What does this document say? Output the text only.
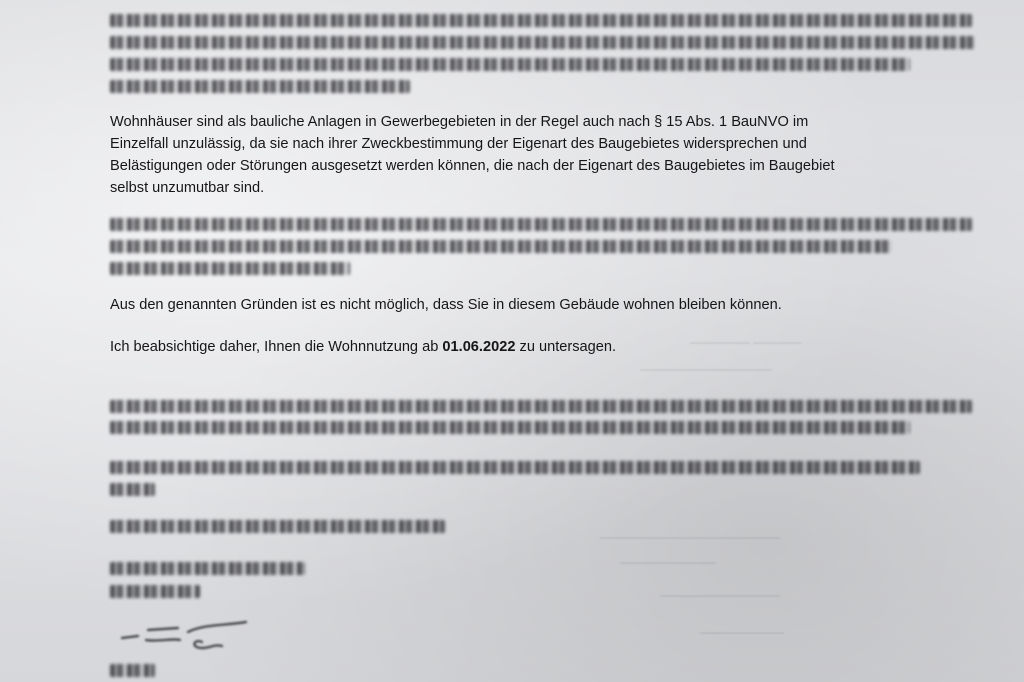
――――― ――――
―――――――――――
―――――――――――――――
――――――――
――――――――――
―――――――
Wohnhäuser sind als bauliche Anlagen in Gewerbegebieten in der Regel auch nach § 15 Abs. 1 BauNVO im
Einzelfall unzulässig, da sie nach ihrer Zweckbestimmung der Eigenart des Baugebietes widersprechen und
Belästigungen oder Störungen ausgesetzt werden können, die nach der Eigenart des Baugebietes im Baugebiet
selbst unzumutbar sind.

Aus den genannten Gründen ist es nicht möglich, dass Sie in diesem Gebäude wohnen bleiben können.

Ich beabsichtige daher, Ihnen die Wohnnutzung ab 01.06.2022 zu untersagen.
